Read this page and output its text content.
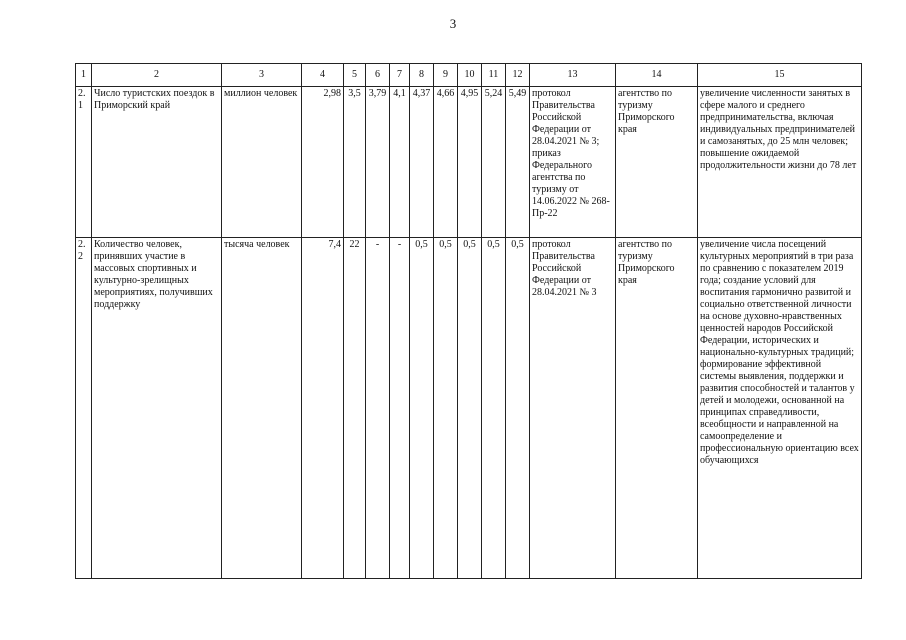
3
1	2	3	4	5	6	7	8	9	10	11	12	13	14	15
2.1	Число туристских поездок в Приморский край	миллион человек	2,98	3,5	3,79	4,1	4,37	4,66	4,95	5,24	5,49	протокол Правительства Российской Федерации от 28.04.2021 № 3; приказ Федерального агентства по туризму от 14.06.2022 № 268-Пр-22	агентство по туризму Приморского края	увеличение численности занятых в сфере малого и среднего предпринимательства, включая индивидуальных предпринимателей и самозанятых, до 25 млн человек; повышение ожидаемой продолжительности жизни до 78 лет
2.2	Количество человек, принявших участие в массовых спортивных и культурно-зрелищных мероприятиях, получивших поддержку	тысяча человек	7,4	22	-	-	0,5	0,5	0,5	0,5	0,5	протокол Правительства Российской Федерации от 28.04.2021 № 3	агентство по туризму Приморского края	увеличение числа посещений культурных мероприятий в три раза по сравнению с показателем 2019 года; создание условий для воспитания гармонично развитой и социально ответственной личности на основе духовно-нравственных ценностей народов Российской Федерации, исторических и национально-культурных традиций; формирование эффективной системы выявления, поддержки и развития способностей и талантов у детей и молодежи, основанной на принципах справедливости, всеобщности и направленной на самоопределение и профессиональную ориентацию всех обучающихся
